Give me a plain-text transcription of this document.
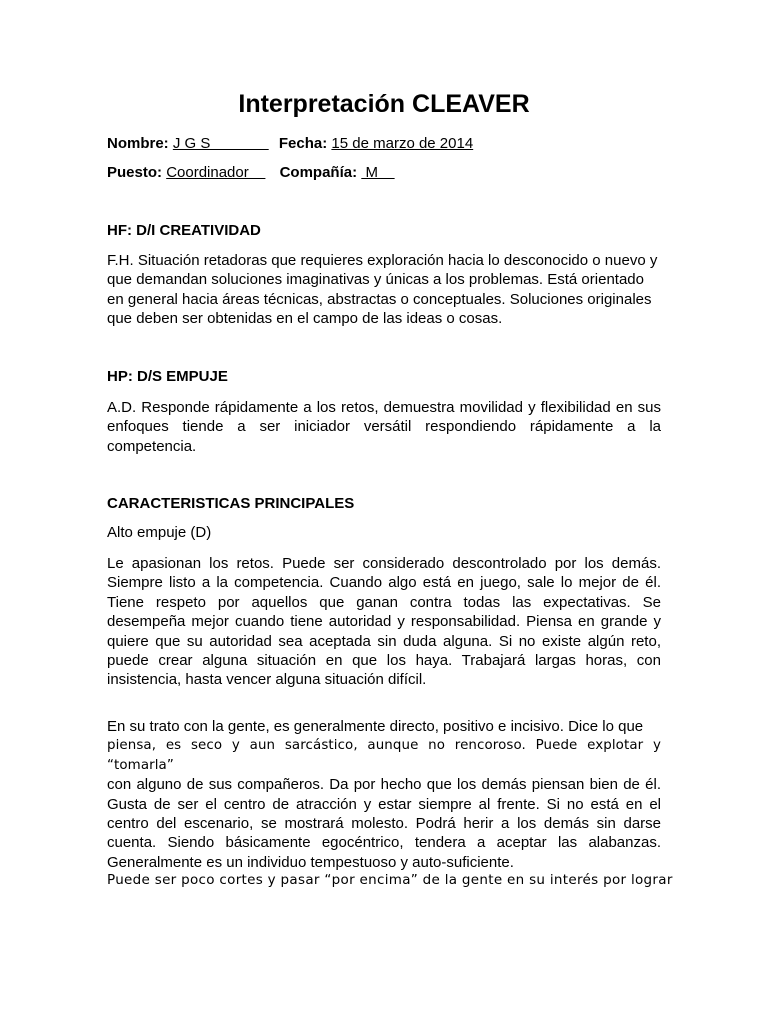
Interpretación CLEAVER
Nombre: J G S               Fecha: 15 de marzo de 2014
Puesto: Coordinador     Compañía:  M
HF: D/I CREATIVIDAD
F.H. Situación retadoras que requieres exploración hacia lo desconocido o nuevo y que demandan soluciones imaginativas y únicas a los problemas. Está orientado en general hacia áreas técnicas, abstractas o conceptuales. Soluciones originales que deben ser obtenidas en el campo de las ideas o cosas.
HP: D/S EMPUJE
A.D. Responde rápidamente a los retos, demuestra movilidad y flexibilidad en sus enfoques tiende a ser iniciador versátil respondiendo rápidamente a la competencia.
CARACTERISTICAS PRINCIPALES
Alto empuje (D)
Le apasionan los retos. Puede ser considerado descontrolado por los demás. Siempre listo a la competencia. Cuando algo está en juego, sale lo mejor de él. Tiene respeto por aquellos que ganan contra todas las expectativas. Se desempeña mejor cuando tiene autoridad y responsabilidad. Piensa en grande y quiere que su autoridad sea aceptada sin duda alguna. Si no existe algún reto, puede crear alguna situación en que los haya. Trabajará largas horas, con insistencia, hasta vencer alguna situación difícil.
En su trato con la gente, es generalmente directo, positivo e incisivo. Dice lo que
piensa, es seco y aun sarcástico, aunque no rencoroso. Puede explotar y “tomarla”
con alguno de sus compañeros. Da por hecho que los demás piensan bien de él. Gusta de ser el centro de atracción y estar siempre al frente. Si no está en el centro del escenario, se mostrará molesto. Podrá herir a los demás sin darse cuenta. Siendo básicamente egocéntrico, tendera a aceptar las alabanzas. Generalmente es un individuo tempestuoso y auto-suficiente.
Puede ser poco cortes y pasar “por encima” de la gente en su interés por lograr
